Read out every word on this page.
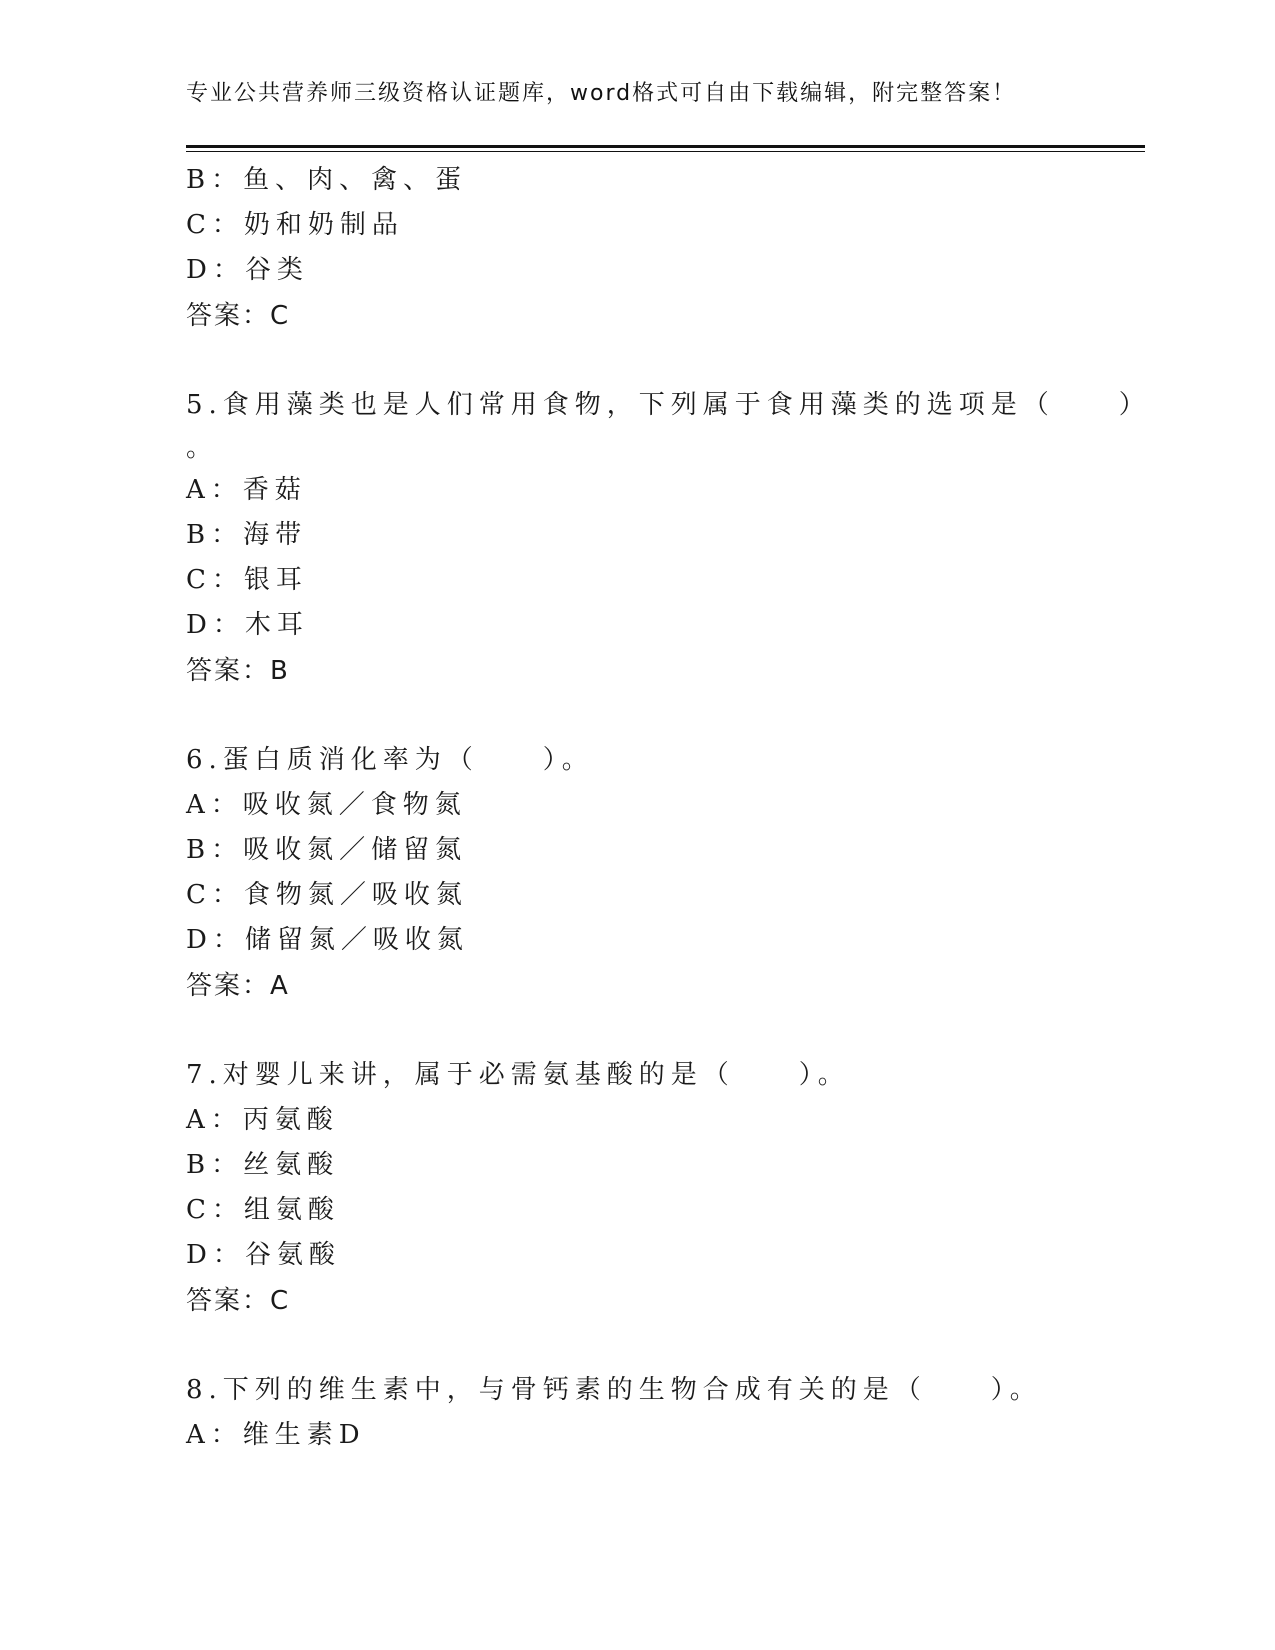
专业公共营养师三级资格认证题库，word格式可自由下载编辑，附完整答案！
B：鱼、肉、禽、蛋
C：奶和奶制品
D：谷类
答案：C
5.食用藻类也是人们常用食物，下列属于食用藻类的选项是（　　）
。
A：香菇
B：海带
C：银耳
D：木耳
答案：B
6.蛋白质消化率为（　　）。
A：吸收氮／食物氮
B：吸收氮／储留氮
C：食物氮／吸收氮
D：储留氮／吸收氮
答案：A
7.对婴儿来讲，属于必需氨基酸的是（　　）。
A：丙氨酸
B：丝氨酸
C：组氨酸
D：谷氨酸
答案：C
8.下列的维生素中，与骨钙素的生物合成有关的是（　　）。
A：维生素D
